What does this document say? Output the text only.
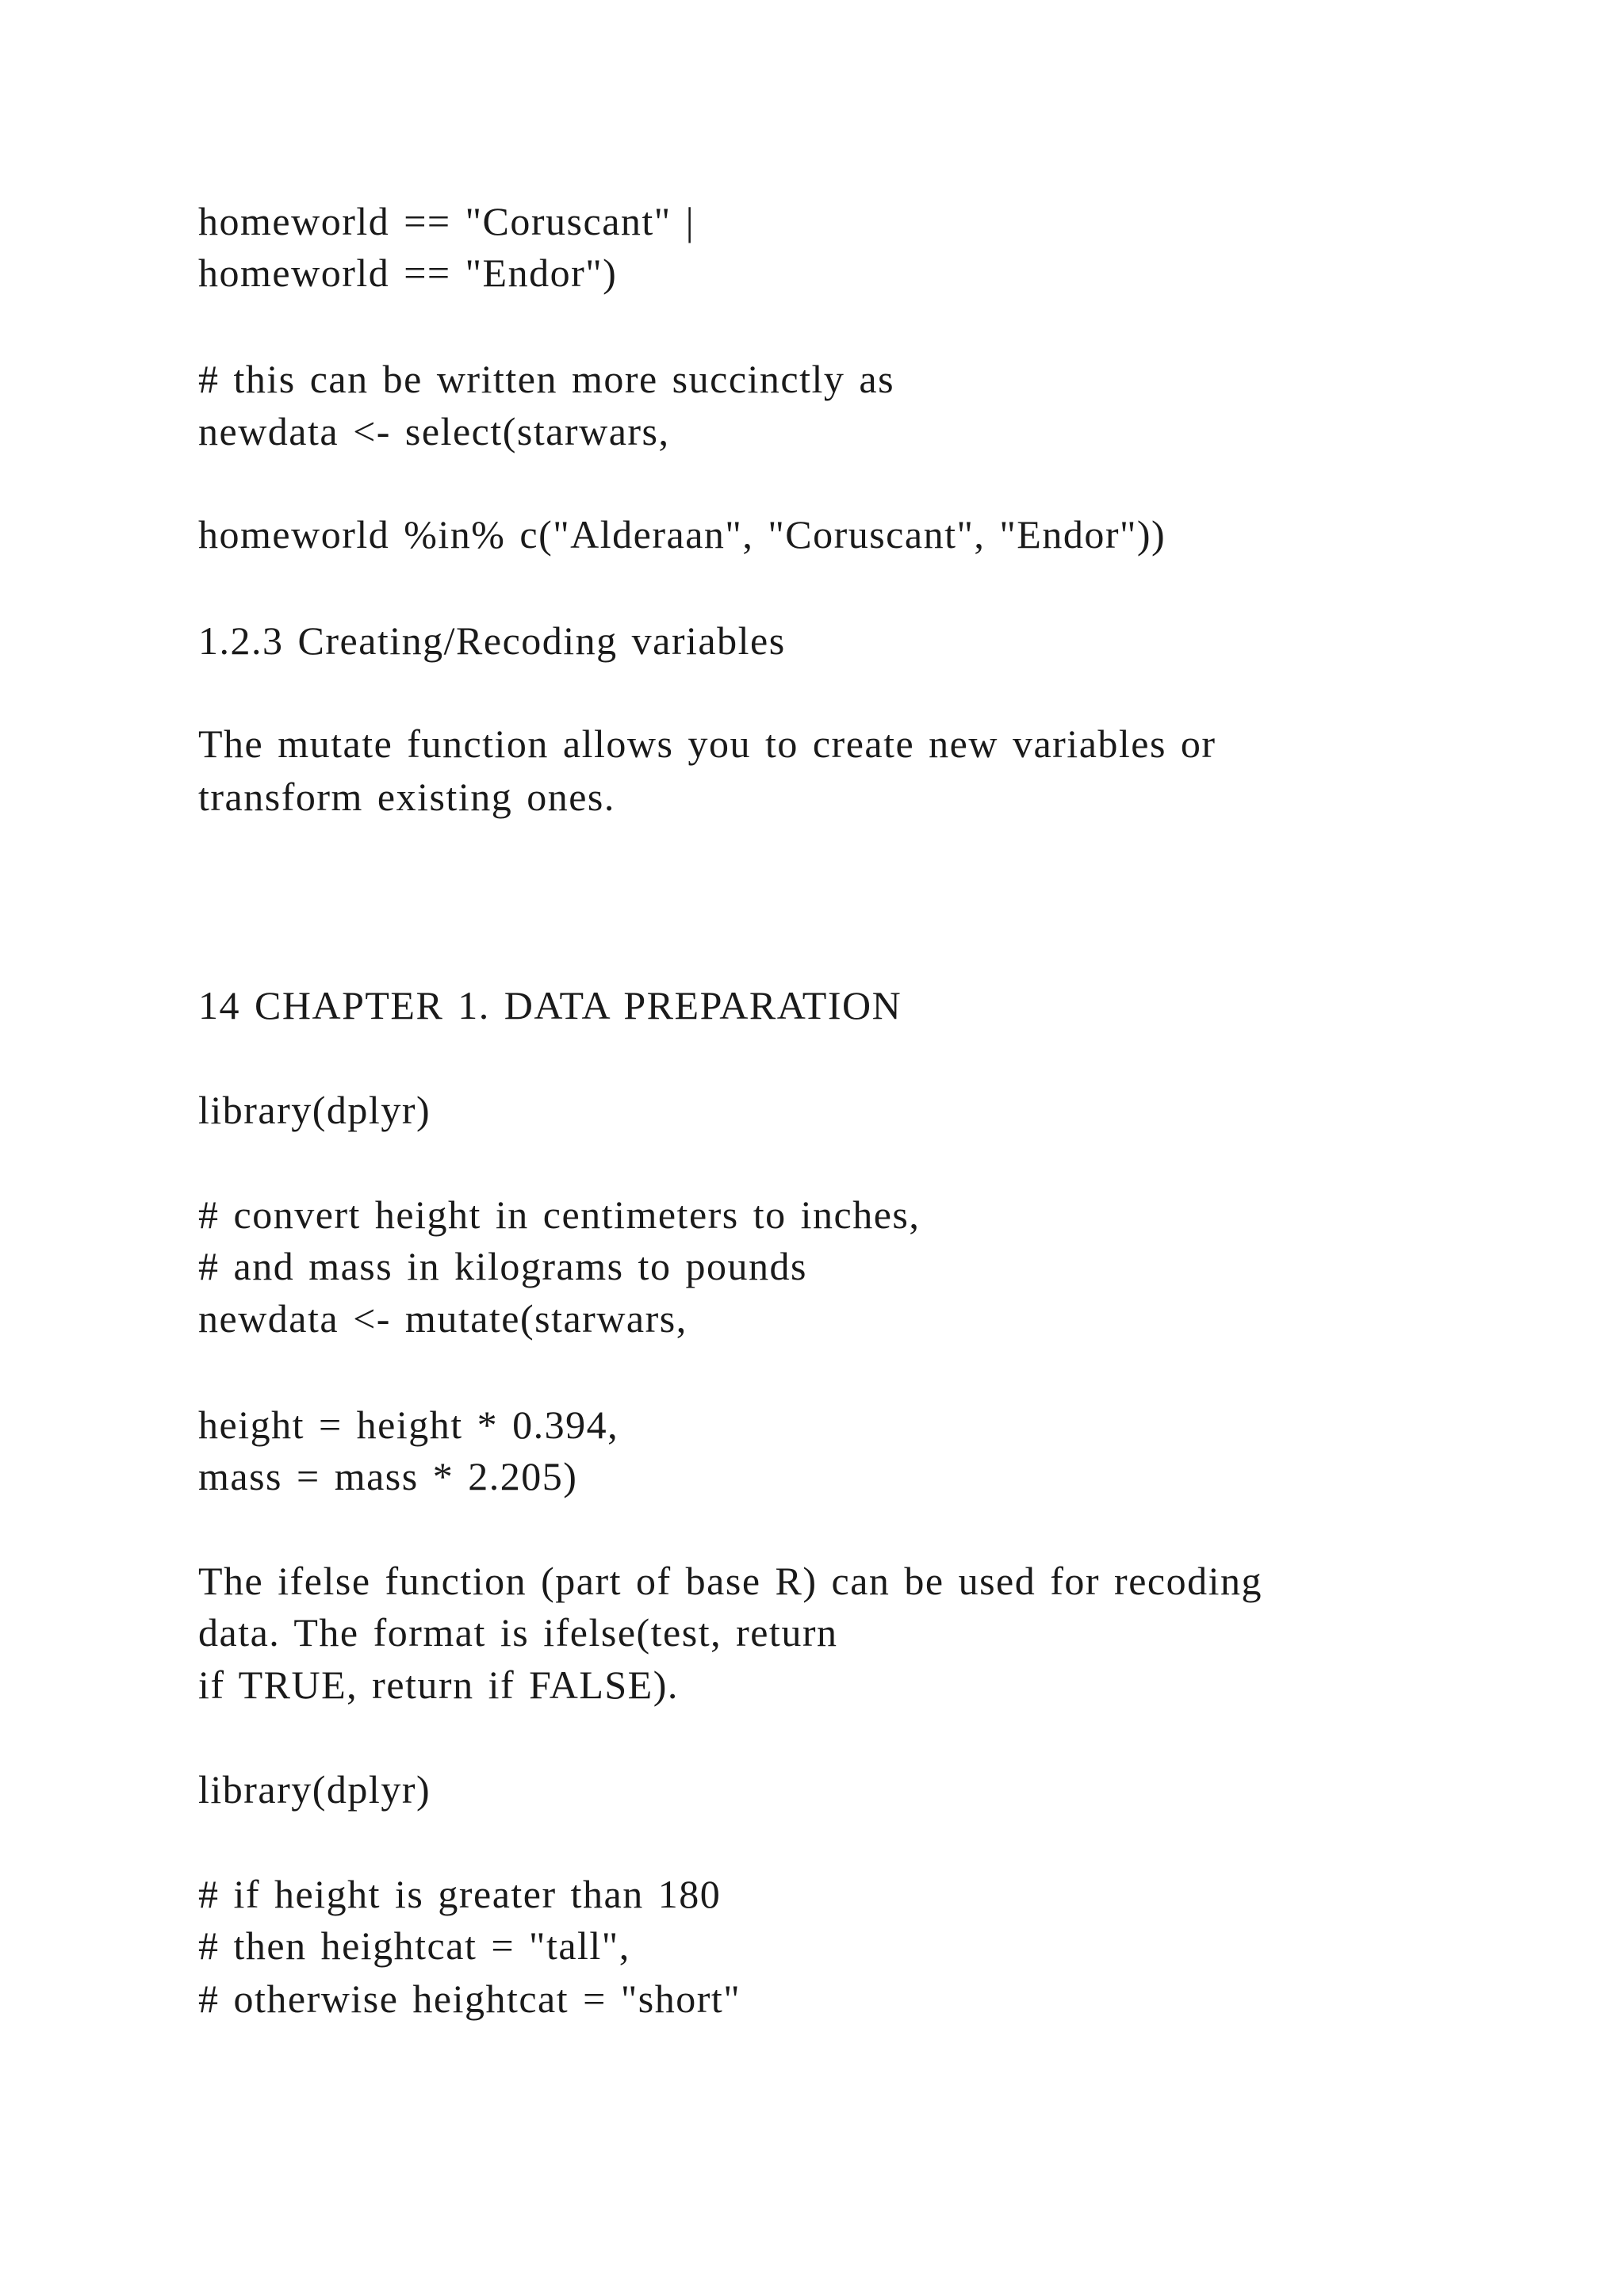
homeworld == "Coruscant" |
homeworld == "Endor")
# this can be written more succinctly as
newdata <- select(starwars,
homeworld %in% c("Alderaan", "Coruscant", "Endor"))
1.2.3 Creating/Recoding variables
The mutate function allows you to create new variables or
transform existing ones.
14 CHAPTER 1. DATA PREPARATION
library(dplyr)
# convert height in centimeters to inches,
# and mass in kilograms to pounds
newdata <- mutate(starwars,
height = height * 0.394,
mass = mass * 2.205)
The ifelse function (part of base R) can be used for recoding
data. The format is ifelse(test, return
if TRUE, return if FALSE).
library(dplyr)
# if height is greater than 180
# then heightcat = "tall",
# otherwise heightcat = "short"
